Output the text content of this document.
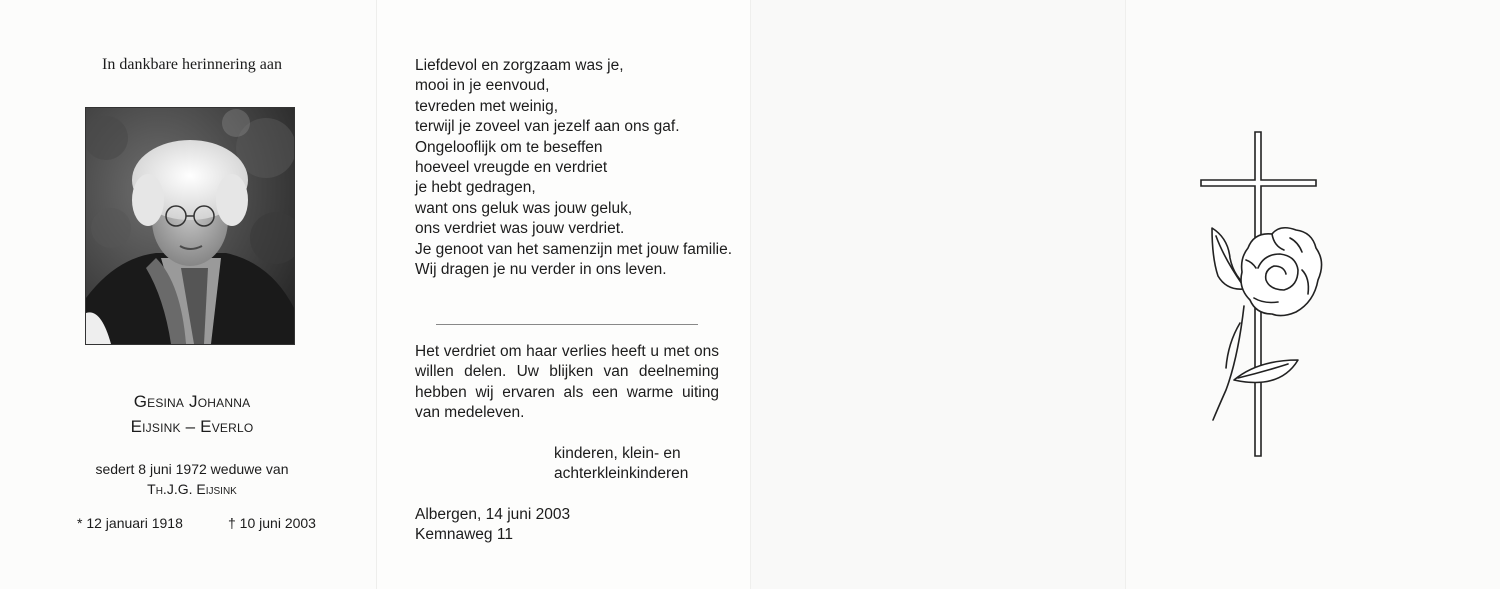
In dankbare herinnering aan
Gesina Johanna
Eijsink – Everlo
sedert 8 juni 1972 weduwe van
Th.J.G. Eijsink
* 12 januari 1918	† 10 juni 2003
Liefdevol en zorgzaam was je,
mooi in je eenvoud,
tevreden met weinig,
terwijl je zoveel van jezelf aan ons gaf.
Ongelooflijk om te beseffen
hoeveel vreugde en verdriet
je hebt gedragen,
want ons geluk was jouw geluk,
ons verdriet was jouw verdriet.
Je genoot van het samenzijn met jouw familie.
Wij dragen je nu verder in ons leven.
Het verdriet om haar verlies heeft u met ons willen delen. Uw blijken van deelneming hebben wij ervaren als een warme uiting van medeleven.
kinderen, klein- en
achterkleinkinderen
Albergen, 14 juni 2003
Kemnaweg 11
